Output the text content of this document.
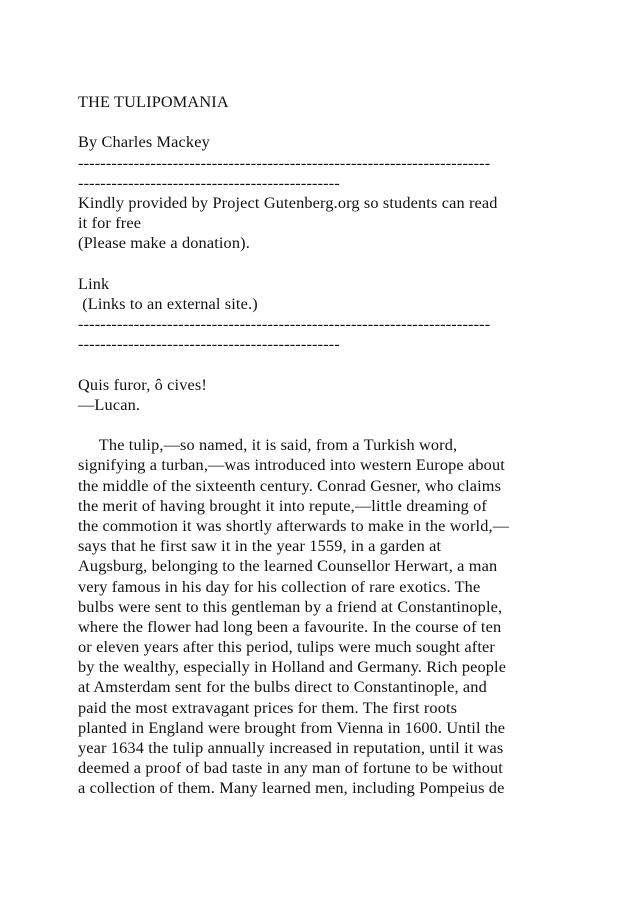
THE TULIPOMANIA
By Charles Mackey
--------------------------------------------------------------------------
-----------------------------------------------
Kindly provided by Project Gutenberg.org so students can read
it for free
(Please make a donation).
Link
(Links to an external site.)
--------------------------------------------------------------------------
-----------------------------------------------
Quis furor, ô cives!
—Lucan.
The tulip,—so named, it is said, from a Turkish word,
signifying a turban,—was introduced into western Europe about
the middle of the sixteenth century. Conrad Gesner, who claims
the merit of having brought it into repute,—little dreaming of
the commotion it was shortly afterwards to make in the world,—
says that he first saw it in the year 1559, in a garden at
Augsburg, belonging to the learned Counsellor Herwart, a man
very famous in his day for his collection of rare exotics. The
bulbs were sent to this gentleman by a friend at Constantinople,
where the flower had long been a favourite. In the course of ten
or eleven years after this period, tulips were much sought after
by the wealthy, especially in Holland and Germany. Rich people
at Amsterdam sent for the bulbs direct to Constantinople, and
paid the most extravagant prices for them. The first roots
planted in England were brought from Vienna in 1600. Until the
year 1634 the tulip annually increased in reputation, until it was
deemed a proof of bad taste in any man of fortune to be without
a collection of them. Many learned men, including Pompeius de
